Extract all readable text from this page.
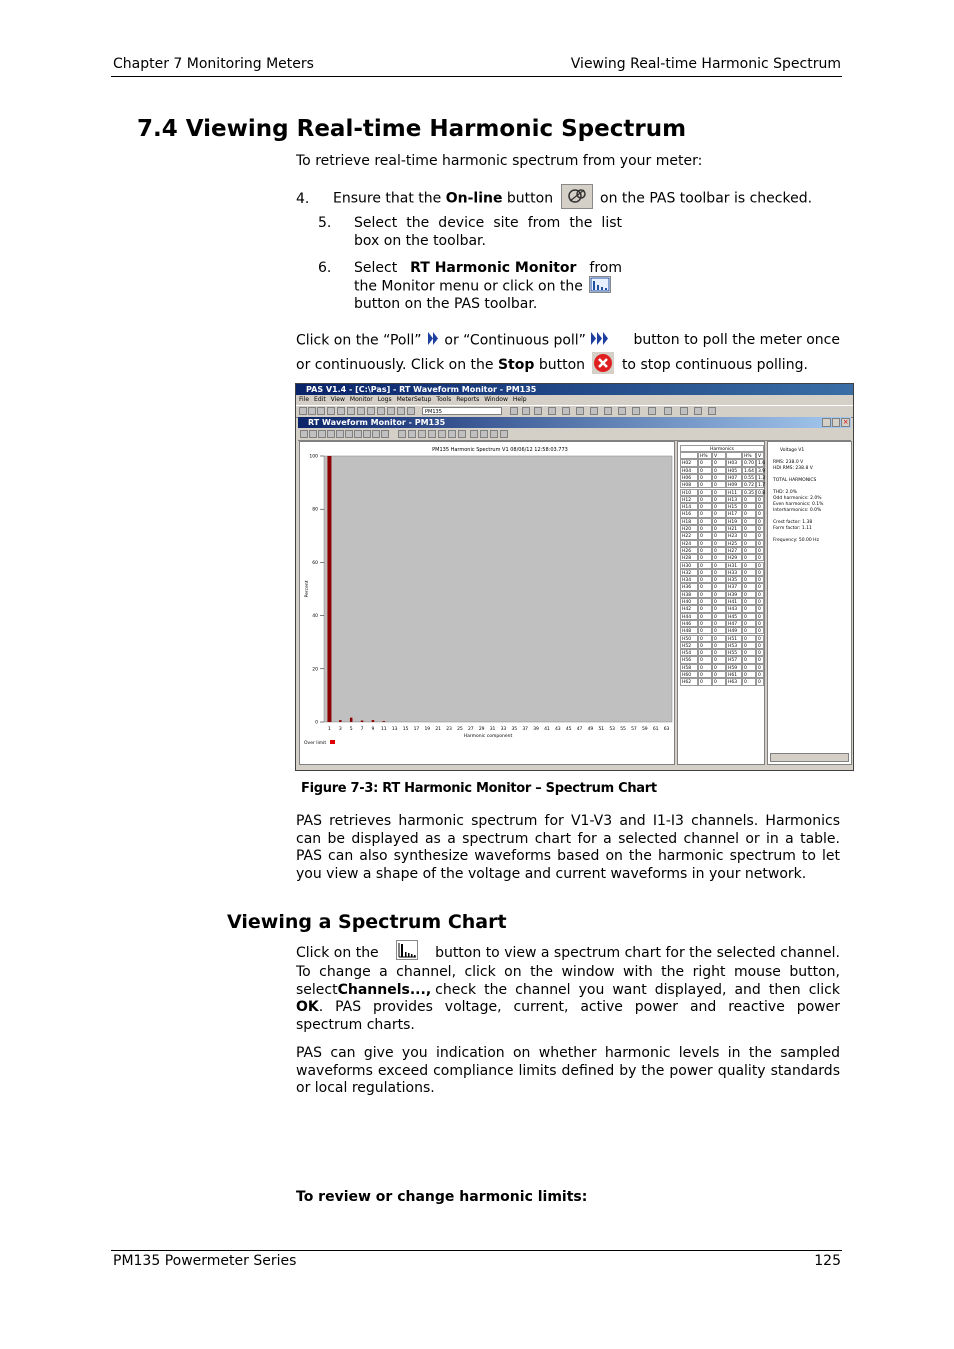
Chapter 7 Monitoring Meters	Viewing Real-time Harmonic Spectrum
7.4 Viewing Real-time Harmonic Spectrum
To retrieve real-time harmonic spectrum from your meter:
4. Ensure that the On-line button	on the PAS toolbar is checked.
5. Select the device site from the list
box on the toolbar.
6. Select RT Harmonic Monitor from
the Monitor menu or click on the
button on the PAS toolbar.
Click on the “Poll” or “Continuous poll”	button to poll the meter once
or continuously. Click on the Stop button	to stop continuous polling.
PAS V1.4 - [C:\Pas] - RT Waveform Monitor - PM135
File Edit View Monitor Logs MeterSetup Tools Reports Window Help
PM135
RT Waveform Monitor - PM135	×
PM135 Harmonic Spectrum V1 08/06/12 12:58:03.773
0
20
40
60
80
100
1 3 5 7 9 11 13 15 17 19 21 23 25 27 29 31 33 35 37 39 41 43 45 47 49 51 53 55 57 59 61 63
Percent
Harmonic component
Over limit
Harmonics
H%	V	H%	V
H02	0	0	H03	0.70 1.6
H04	0	0	H05	1.64 3.9
H06	0	0	H07	0.55 1.3
H08	0	0	H09	0.72 1.7
H10	0	0	H11	0.35 0.8
H12	0	0	H13	0	0
H14	0	0	H15	0	0
H16	0	0	H17	0	0
H18	0	0	H19	0	0
H20	0	0	H21	0	0
H22	0	0	H23	0	0
H24	0	0	H25	0	0
H26	0	0	H27	0	0
H28	0	0	H29	0	0
H30	0	0	H31	0	0
H32	0	0	H33	0	0
H34	0	0	H35	0	0
H36	0	0	H37	0	0
H38	0	0	H39	0	0
H40	0	0	H41	0	0
H42	0	0	H43	0	0
H44	0	0	H45	0	0
H46	0	0	H47	0	0
H48	0	0	H49	0	0
H50	0	0	H51	0	0
H52	0	0	H53	0	0
H54	0	0	H55	0	0
H56	0	0	H57	0	0
H58	0	0	H59	0	0
H60	0	0	H61	0	0
H62	0	0	H63	0	0
Voltage V1
RMS: 238.0 V
HDI RMS: 238.8 V
TOTAL HARMONICS
THD: 2.0%
Odd harmonics: 2.0%
Even harmonics: 0.1%
Interharmonics: 0.0%
Crest factor: 1.38
Form factor: 1.11
Frequency: 50.00 Hz
Figure 7-3: RT Harmonic Monitor – Spectrum Chart
PAS retrieves harmonic spectrum for V1-V3 and I1-I3 channels. Harmonics can be displayed as a spectrum chart for a selected channel or in a table. PAS can also synthesize waveforms based on the harmonic spectrum to let you view a shape of the voltage and current waveforms in your network.
Viewing a Spectrum Chart
Click on the	button to view a spectrum chart for the selected channel.
To change a channel, click on the window with the right mouse button,
select Channels..., check the channel you want displayed, and then click
OK . PAS provides voltage, current, active power and reactive power
spectrum charts.
PAS can give you indication on whether harmonic levels in the sampled waveforms exceed compliance limits defined by the power quality standards or local regulations.
To review or change harmonic limits:
PM135 Powermeter Series	125
